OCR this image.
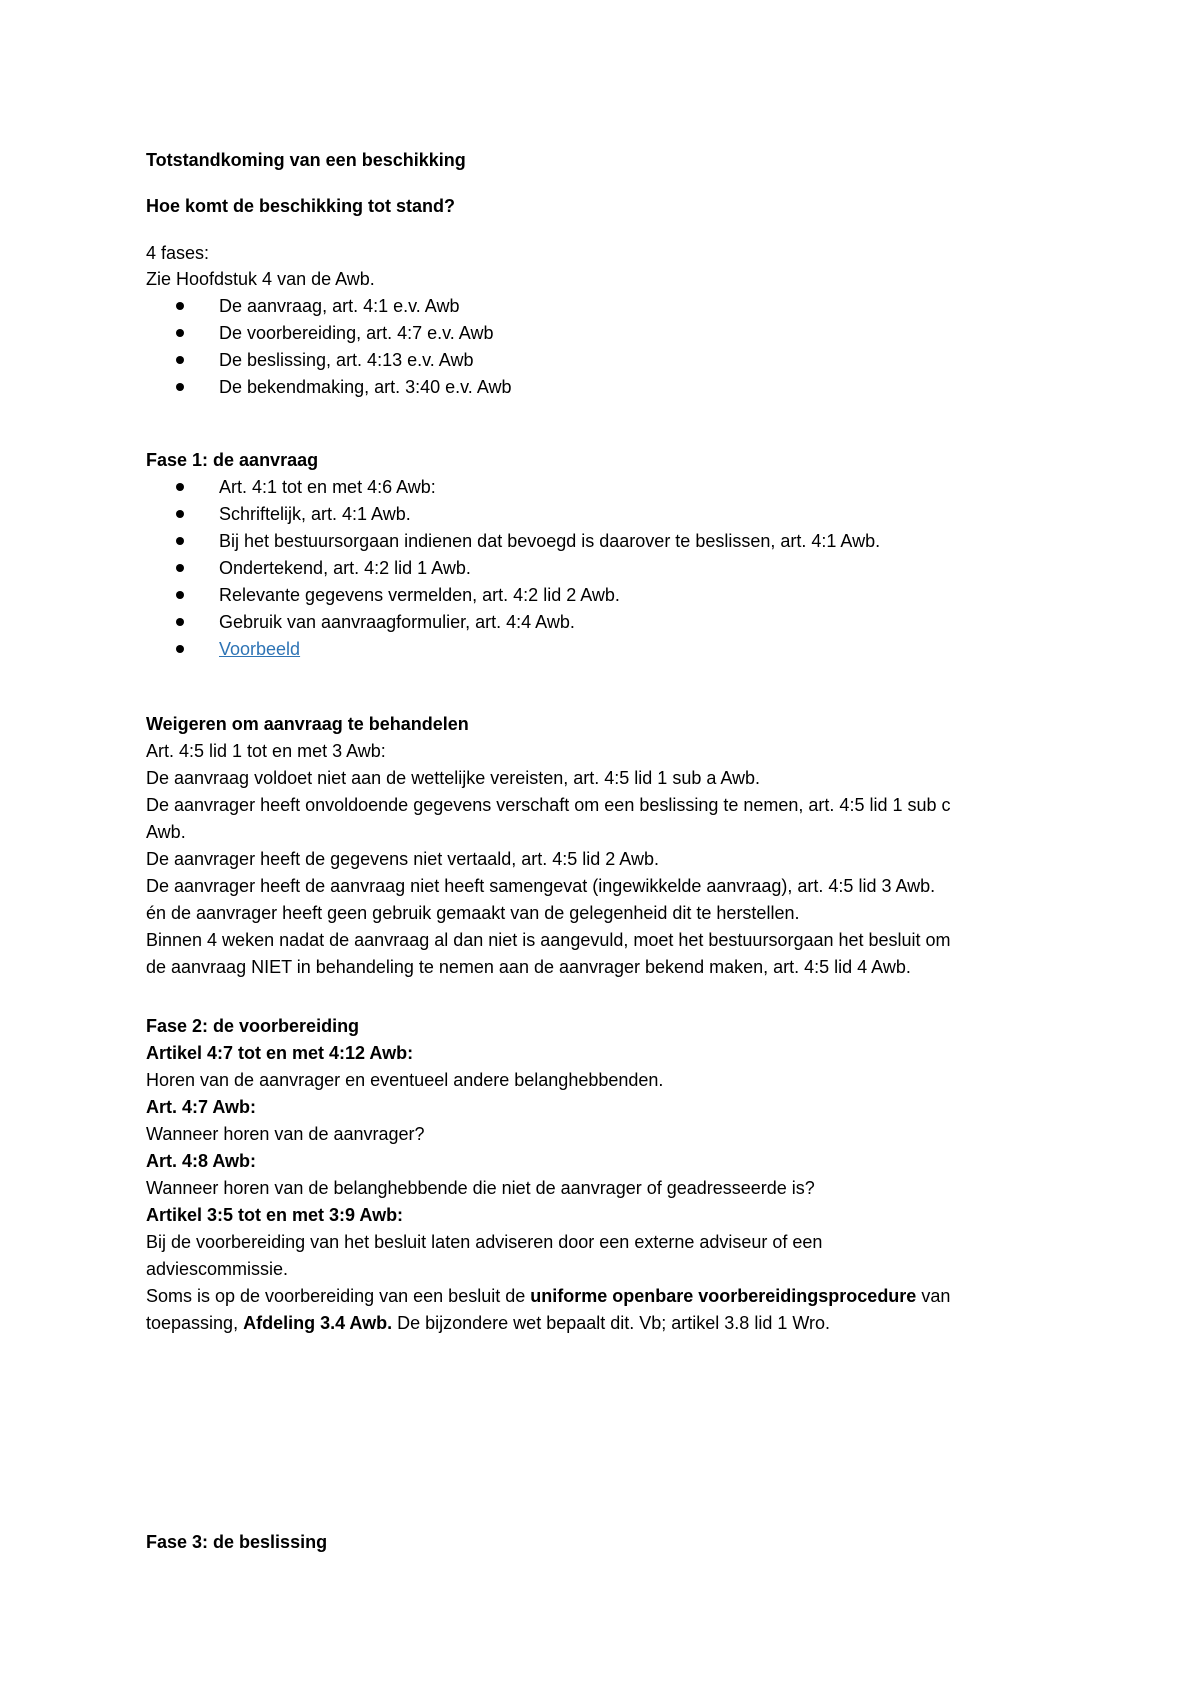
Totstandkoming van een beschikking
Hoe komt de beschikking tot stand?
4 fases:
Zie Hoofdstuk 4 van de Awb.
De aanvraag, art. 4:1 e.v. Awb
De voorbereiding, art. 4:7 e.v. Awb
De beslissing, art. 4:13 e.v. Awb
De bekendmaking, art. 3:40 e.v. Awb
Fase 1: de aanvraag
Art. 4:1 tot en met 4:6 Awb:
Schriftelijk, art. 4:1 Awb.
Bij het bestuursorgaan indienen dat bevoegd is daarover te beslissen, art. 4:1 Awb.
Ondertekend, art. 4:2 lid 1 Awb.
Relevante gegevens vermelden, art. 4:2 lid 2 Awb.
Gebruik van aanvraagformulier, art. 4:4 Awb.
Voorbeeld
Weigeren om aanvraag te behandelen
Art. 4:5 lid 1 tot en met 3 Awb:
De aanvraag voldoet niet aan de wettelijke vereisten, art. 4:5 lid 1 sub a Awb.
De aanvrager heeft onvoldoende gegevens verschaft om een beslissing te nemen, art. 4:5 lid 1 sub c
Awb.
De aanvrager heeft de gegevens niet vertaald, art. 4:5 lid 2 Awb.
De aanvrager heeft de aanvraag niet heeft samengevat (ingewikkelde aanvraag), art. 4:5 lid 3 Awb.
én de aanvrager heeft geen gebruik gemaakt van de gelegenheid dit te herstellen.
Binnen 4 weken nadat de aanvraag al dan niet is aangevuld, moet het bestuursorgaan het besluit om
de aanvraag NIET in behandeling te nemen aan de aanvrager bekend maken, art. 4:5 lid 4 Awb.
Fase 2: de voorbereiding
Artikel 4:7 tot en met 4:12 Awb:
Horen van de aanvrager en eventueel andere belanghebbenden.
Art. 4:7 Awb:
Wanneer horen van de aanvrager?
Art. 4:8 Awb:
Wanneer horen van de belanghebbende die niet de aanvrager of geadresseerde is?
Artikel 3:5 tot en met 3:9 Awb:
Bij de voorbereiding van het besluit laten adviseren door een externe adviseur of een
adviescommissie.
Soms is op de voorbereiding van een besluit de uniforme openbare voorbereidingsprocedure van
toepassing, Afdeling 3.4 Awb. De bijzondere wet bepaalt dit. Vb; artikel 3.8 lid 1 Wro.
Fase 3: de beslissing
